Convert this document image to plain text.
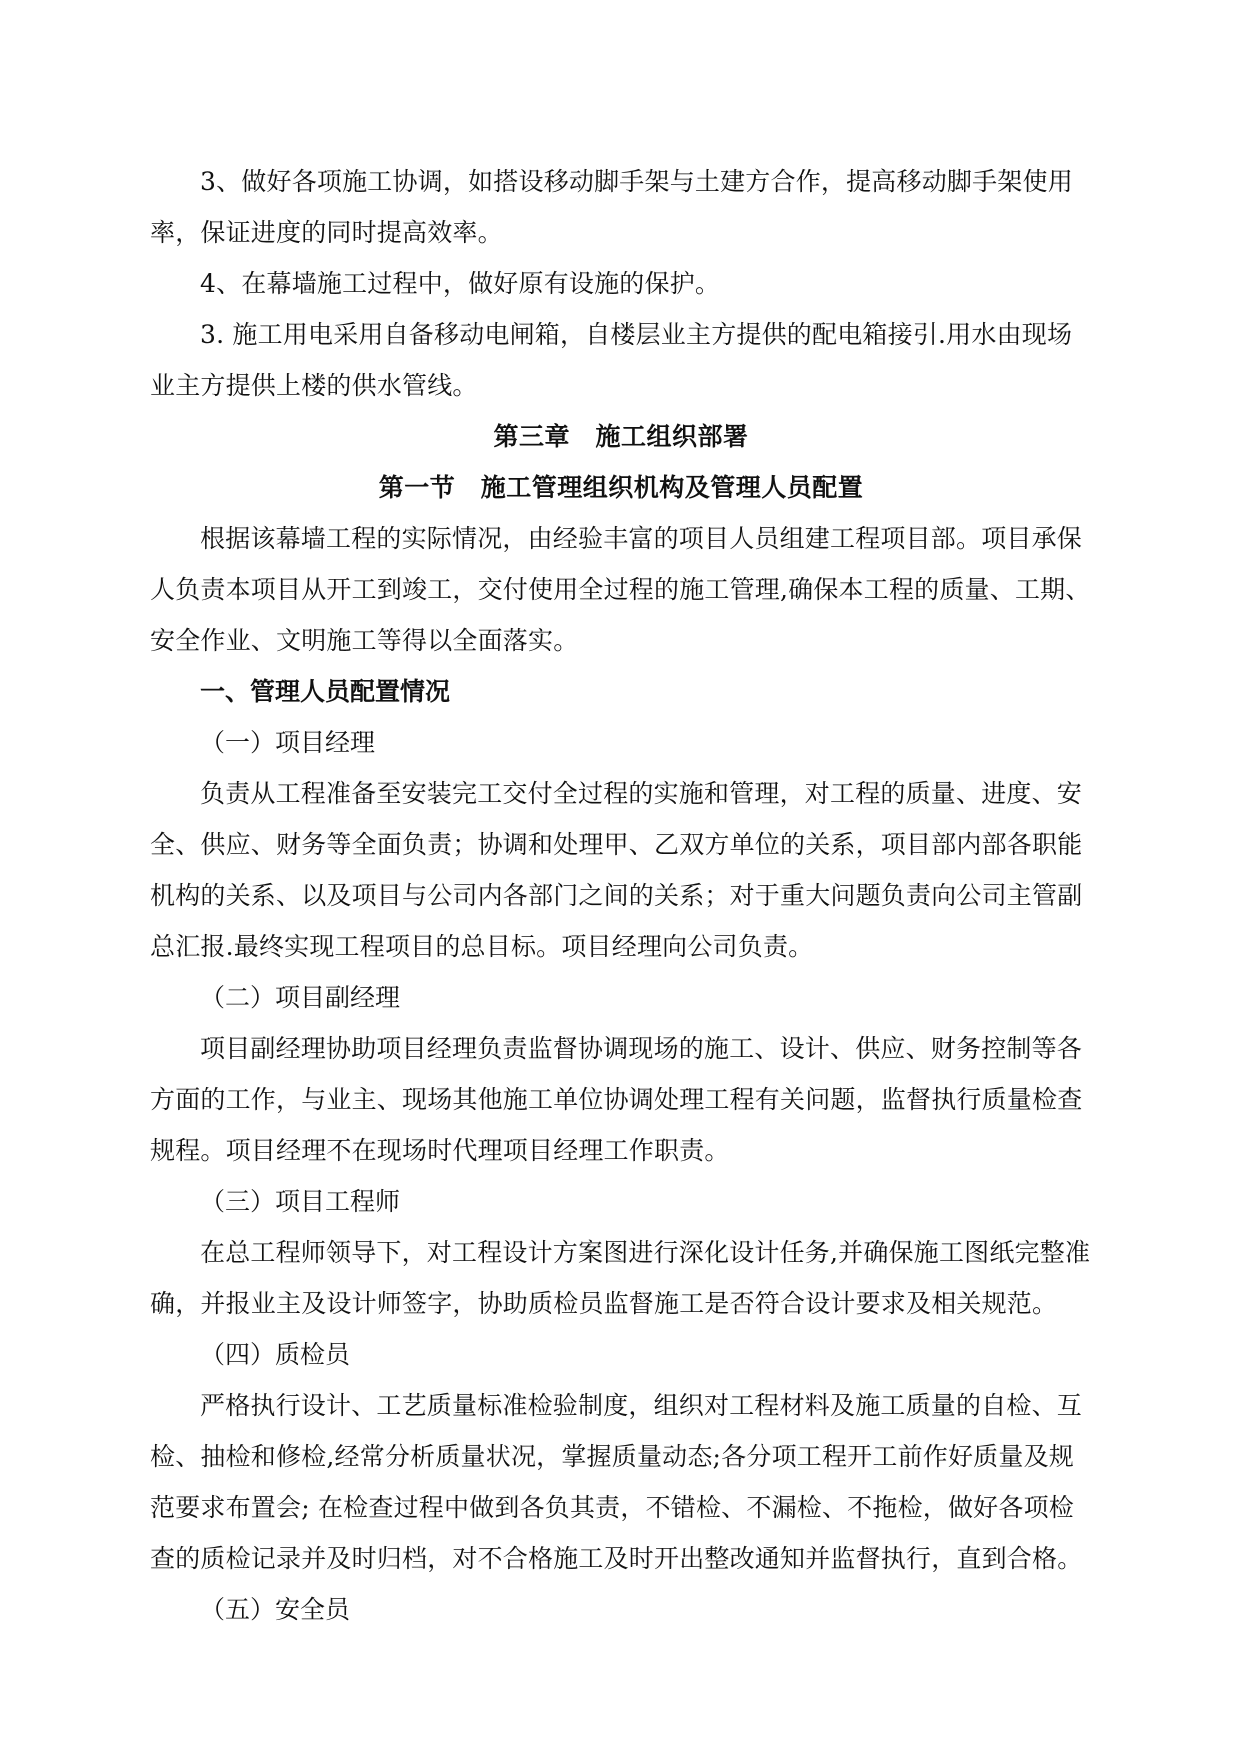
3、做好各项施工协调，如搭设移动脚手架与土建方合作，提高移动脚手架使用率，保证进度的同时提高效率。

4、在幕墙施工过程中，做好原有设施的保护。

3. 施工用电采用自备移动电闸箱，自楼层业主方提供的配电箱接引.用水由现场业主方提供上楼的供水管线。

第三章　施工组织部署
第一节　施工管理组织机构及管理人员配置

根据该幕墙工程的实际情况，由经验丰富的项目人员组建工程项目部。项目承保人负责本项目从开工到竣工，交付使用全过程的施工管理,确保本工程的质量、工期、安全作业、文明施工等得以全面落实。

一、管理人员配置情况

（一）项目经理

负责从工程准备至安装完工交付全过程的实施和管理，对工程的质量、进度、安全、供应、财务等全面负责；协调和处理甲、乙双方单位的关系，项目部内部各职能机构的关系、以及项目与公司内各部门之间的关系；对于重大问题负责向公司主管副总汇报.最终实现工程项目的总目标。项目经理向公司负责。

（二）项目副经理

项目副经理协助项目经理负责监督协调现场的施工、设计、供应、财务控制等各方面的工作，与业主、现场其他施工单位协调处理工程有关问题，监督执行质量检查规程。项目经理不在现场时代理项目经理工作职责。

（三）项目工程师

在总工程师领导下，对工程设计方案图进行深化设计任务,并确保施工图纸完整准确，并报业主及设计师签字，协助质检员监督施工是否符合设计要求及相关规范。

（四）质检员

严格执行设计、工艺质量标准检验制度，组织对工程材料及施工质量的自检、互检、抽检和修检,经常分析质量状况，掌握质量动态;各分项工程开工前作好质量及规范要求布置会; 在检查过程中做到各负其责，不错检、不漏检、不拖检，做好各项检查的质检记录并及时归档，对不合格施工及时开出整改通知并监督执行，直到合格。

（五）安全员
